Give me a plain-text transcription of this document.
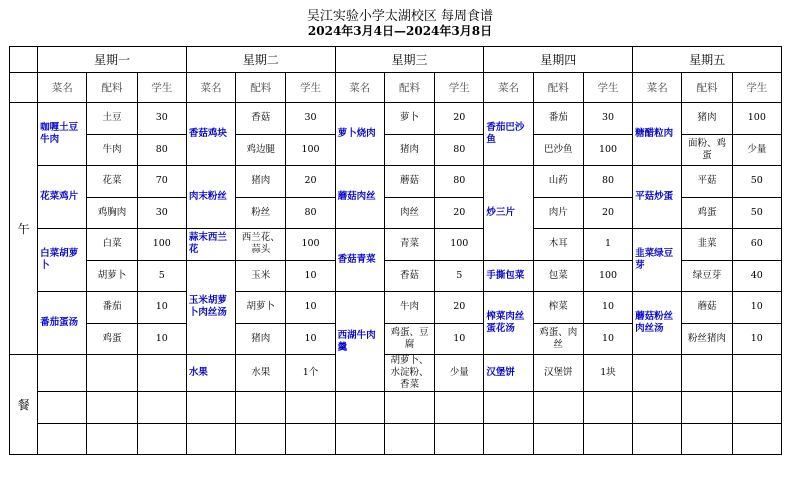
吴江实验小学太湖校区 每周食谱
2024年3月4日—2024年3月8日
	星期一			星期二			星期三			星期四			星期五		
	菜名	配料	学生	菜名	配料	学生	菜名	配料	学生	菜名	配料	学生	菜名	配料	学生
午	咖喱土豆牛肉	土豆	30	香菇鸡块	香菇	30	萝卜烧肉	萝卜	20	香茄巴沙鱼	番茄	30	糖醋粒肉	猪肉	100
		牛肉	80		鸡边腿	100		猪肉	80		巴沙鱼	100		面粉、鸡蛋	少量
	花菜鸡片	花菜	70	肉末粉丝	猪肉	20	蘑菇肉丝	蘑菇	80	炒三片	山药	80	平菇炒蛋	平菇	50
		鸡胸肉	30		粉丝	80		肉丝	20		肉片	20		鸡蛋	50
	白菜胡萝卜	白菜	100	蒜末西兰花	西兰花、蒜头	100	香菇青菜	青菜	100		木耳	1	韭菜绿豆芽	韭菜	60
		胡萝卜	5	玉米胡萝卜肉丝汤	玉米	10		香菇	5	手撕包菜	包菜	100		绿豆芽	40
	番茄蛋汤	番茄	10		胡萝卜	10	西湖牛肉羹	牛肉	20	榨菜肉丝蛋花汤	榨菜	10	蘑菇粉丝肉丝汤	蘑菇	10
		鸡蛋	10		猪肉	10		鸡蛋、豆腐	10		鸡蛋、肉丝	10		粉丝猪肉	10
餐				水果	水果	1个		胡萝卜、水淀粉、香菜	少量	汉堡饼	汉堡饼	1块			
